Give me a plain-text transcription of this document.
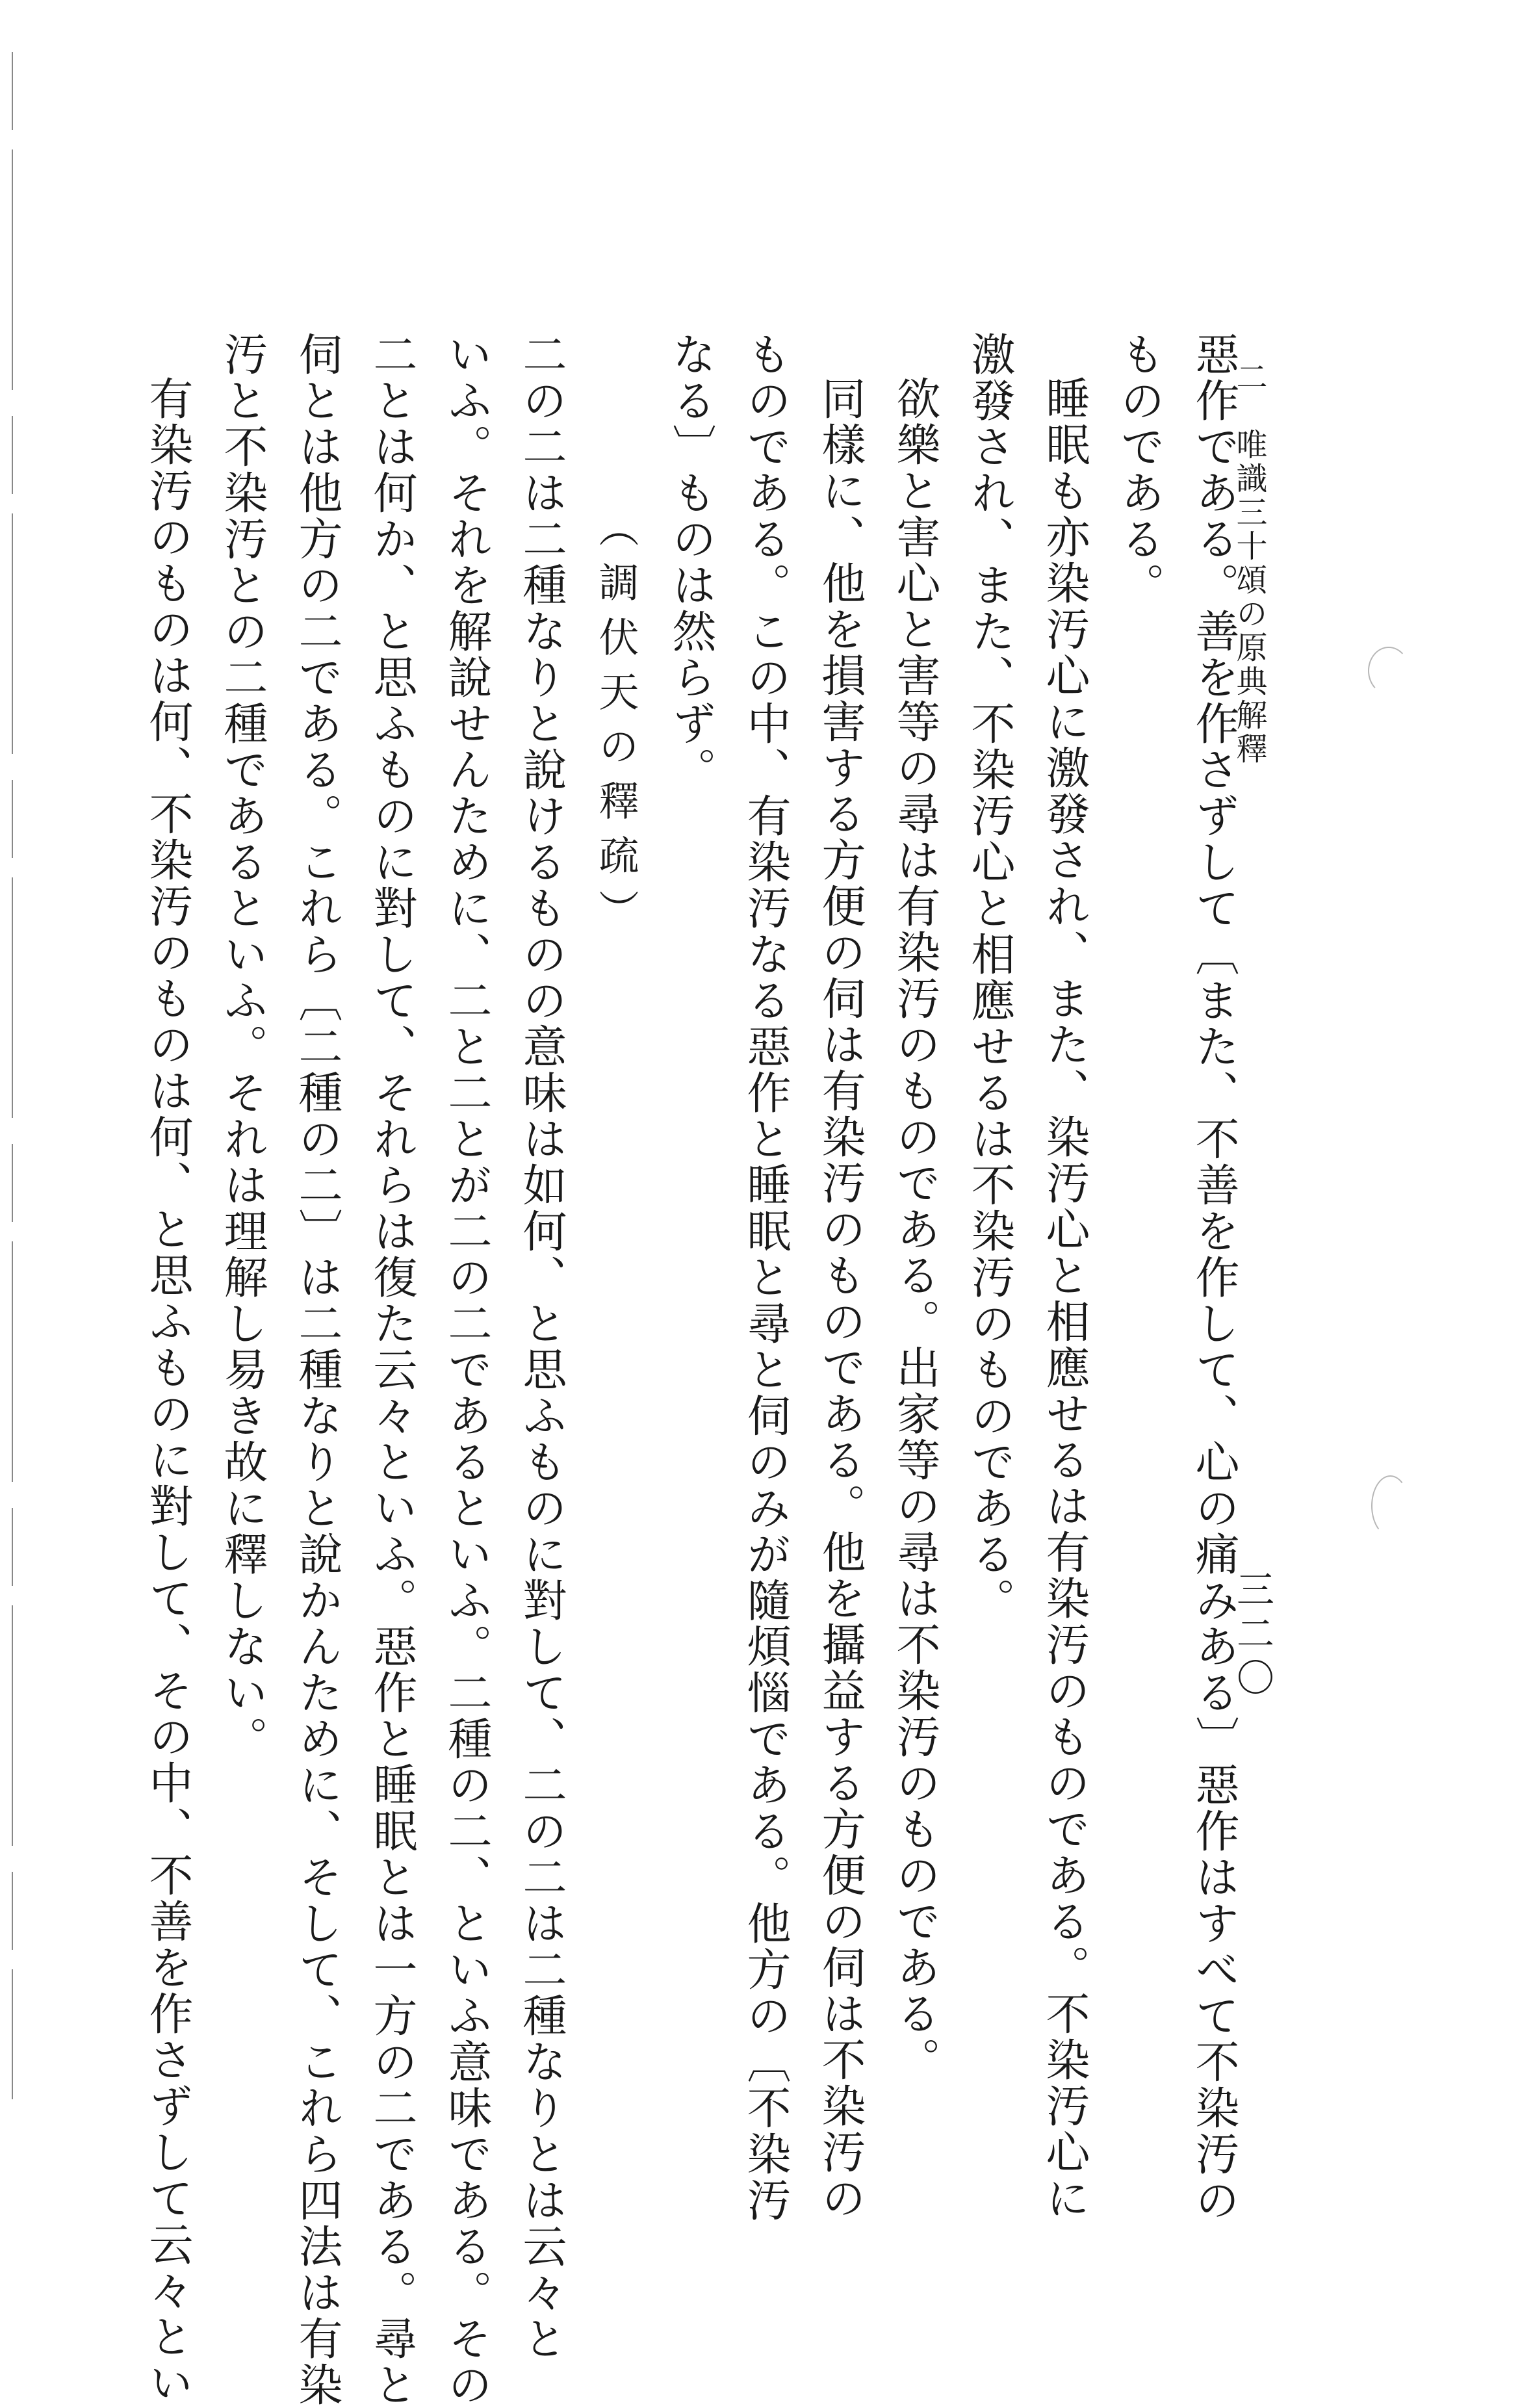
二　唯識三十頌の原典解釋
三二〇
惡作である。善を作さずして〔また、不善を作して、心の痛みある〕惡作はすべて不染汚の
ものである。
睡眠も亦染汚心に激發され、また、染汚心と相應せるは有染汚のものである。不染汚心に
激發され、また、不染汚心と相應せるは不染汚のものである。
欲樂と害心と害等の尋は有染汚のものである。出家等の尋は不染汚のものである。
同樣に、他を損害する方便の伺は有染汚のものである。他を攝益する方便の伺は不染汚の
ものである。この中、有染汚なる惡作と睡眠と尋と伺のみが隨煩惱である。他方の〔不染汚
なる〕ものは然らず。
（調伏天の釋疏）
二の二は二種なりと說けるものの意味は如何、と思ふものに對して、二の二は二種なりとは云々と
いふ。それを解說せんために、二と二とが二の二であるといふ。二種の二、といふ意味である。その
二とは何か、と思ふものに對して、それらは復た云々といふ。惡作と睡眠とは一方の二である。尋と
伺とは他方の二である。これら〔二種の二〕は二種なりと說かんために、そして、これら四法は有染
汚と不染汚との二種であるといふ。それは理解し易き故に釋しない。
有染汚のものは何、不染汚のものは何、と思ふものに對して、その中、不善を作さずして云々とい
